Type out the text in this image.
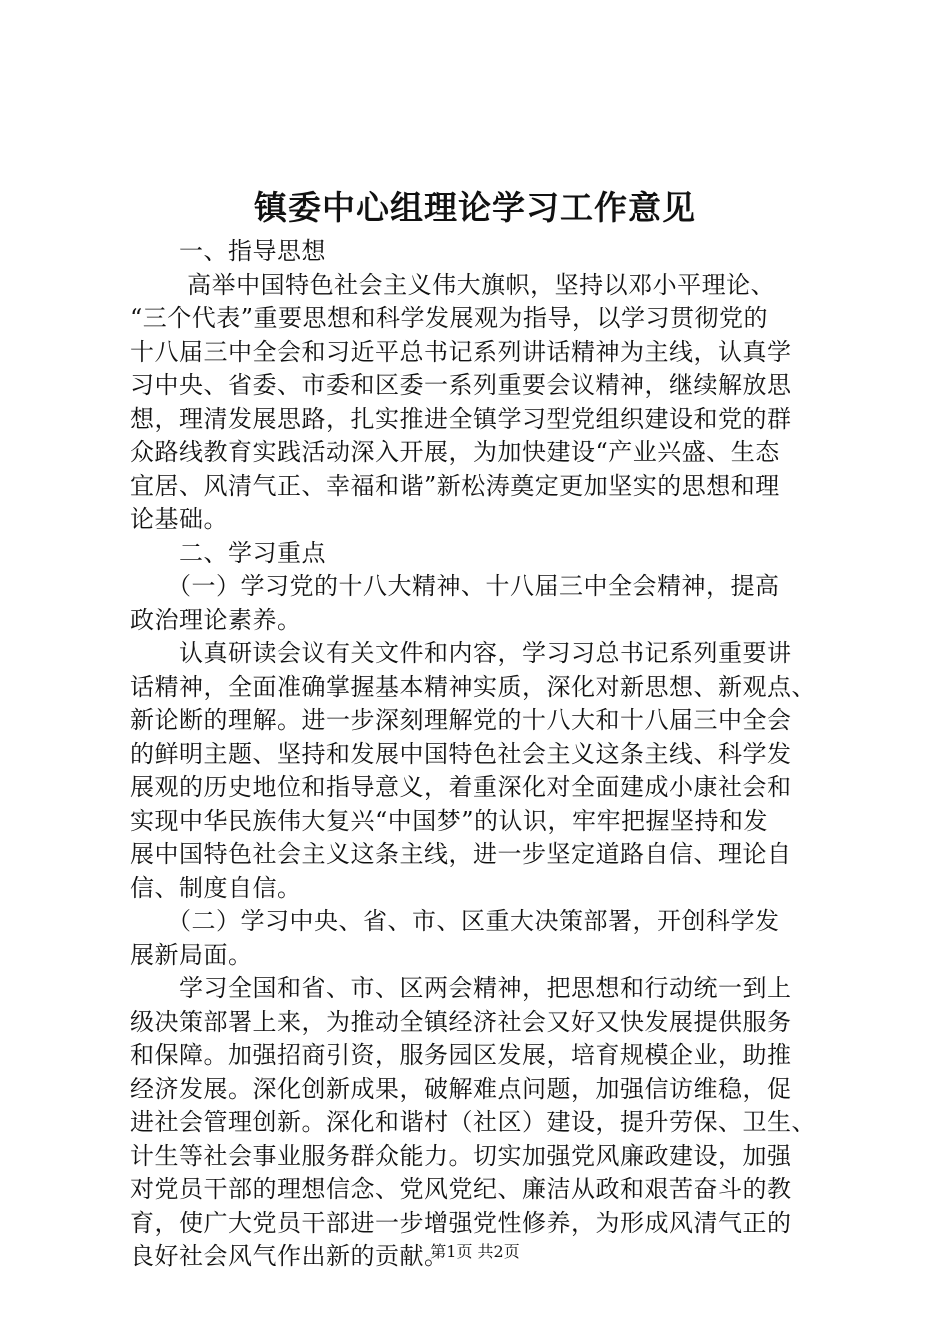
镇委中心组理论学习工作意见
　　一、指导思想
　　 高举中国特色社会主义伟大旗帜，坚持以邓小平理论、
“三个代表”重要思想和科学发展观为指导，以学习贯彻党的
十八届三中全会和习近平总书记系列讲话精神为主线，认真学
习中央、省委、市委和区委一系列重要会议精神，继续解放思
想，理清发展思路，扎实推进全镇学习型党组织建设和党的群
众路线教育实践活动深入开展，为加快建设“产业兴盛、生态
宜居、风清气正、幸福和谐”新松涛奠定更加坚实的思想和理
论基础。
　　二、学习重点
　　（一）学习党的十八大精神、十八届三中全会精神，提高
政治理论素养。
　　认真研读会议有关文件和内容，学习习总书记系列重要讲
话精神，全面准确掌握基本精神实质，深化对新思想、新观点、
新论断的理解。进一步深刻理解党的十八大和十八届三中全会
的鲜明主题、坚持和发展中国特色社会主义这条主线、科学发
展观的历史地位和指导意义，着重深化对全面建成小康社会和
实现中华民族伟大复兴“中国梦”的认识，牢牢把握坚持和发
展中国特色社会主义这条主线，进一步坚定道路自信、理论自
信、制度自信。
　　（二）学习中央、省、市、区重大决策部署，开创科学发
展新局面。
　　学习全国和省、市、区两会精神，把思想和行动统一到上
级决策部署上来，为推动全镇经济社会又好又快发展提供服务
和保障。加强招商引资，服务园区发展，培育规模企业，助推
经济发展。深化创新成果，破解难点问题，加强信访维稳，促
进社会管理创新。深化和谐村（社区）建设，提升劳保、卫生、
计生等社会事业服务群众能力。切实加强党风廉政建设，加强
对党员干部的理想信念、党风党纪、廉洁从政和艰苦奋斗的教
育，使广大党员干部进一步增强党性修养，为形成风清气正的
良好社会风气作出新的贡献。
第1页 共2页
